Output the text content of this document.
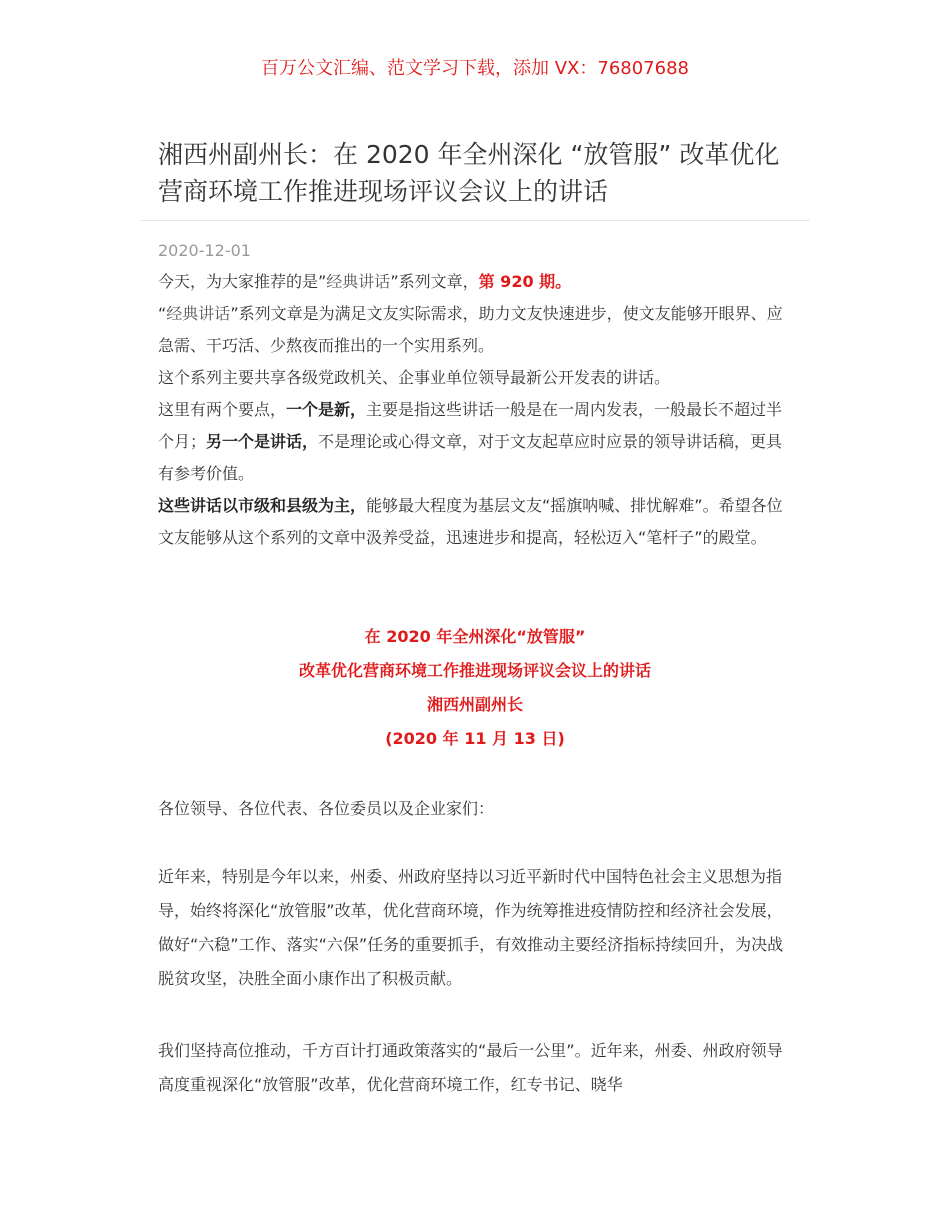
百万公文汇编、范文学习下载，添加 VX：76807688
湘西州副州长：在 2020 年全州深化 “放管服” 改革优化营商环境工作推进现场评议会议上的讲话
2020-12-01

今天，为大家推荐的是”经典讲话”系列文章，第 920 期。

“经典讲话”系列文章是为满足文友实际需求，助力文友快速进步，使文友能够开眼界、应急需、干巧活、少熬夜而推出的一个实用系列。

这个系列主要共享各级党政机关、企事业单位领导最新公开发表的讲话。

这里有两个要点，一个是新，主要是指这些讲话一般是在一周内发表，一般最长不超过半个月；另一个是讲话，不是理论或心得文章，对于文友起草应时应景的领导讲话稿，更具有参考价值。

这些讲话以市级和县级为主，能够最大程度为基层文友“摇旗呐喊、排忧解难”。希望各位文友能够从这个系列的文章中汲养受益，迅速进步和提高，轻松迈入“笔杆子”的殿堂。

在 2020 年全州深化“放管服”
改革优化营商环境工作推进现场评议会议上的讲话
湘西州副州长
(2020 年 11 月 13 日)

各位领导、各位代表、各位委员以及企业家们：

近年来，特别是今年以来，州委、州政府坚持以习近平新时代中国特色社会主义思想为指导，始终将深化“放管服”改革，优化营商环境，作为统筹推进疫情防控和经济社会发展，做好“六稳”工作、落实“六保”任务的重要抓手，有效推动主要经济指标持续回升，为决战脱贫攻坚，决胜全面小康作出了积极贡献。

我们坚持高位推动，千方百计打通政策落实的“最后一公里”。近年来，州委、州政府领导高度重视深化“放管服”改革，优化营商环境工作，红专书记、晓华
